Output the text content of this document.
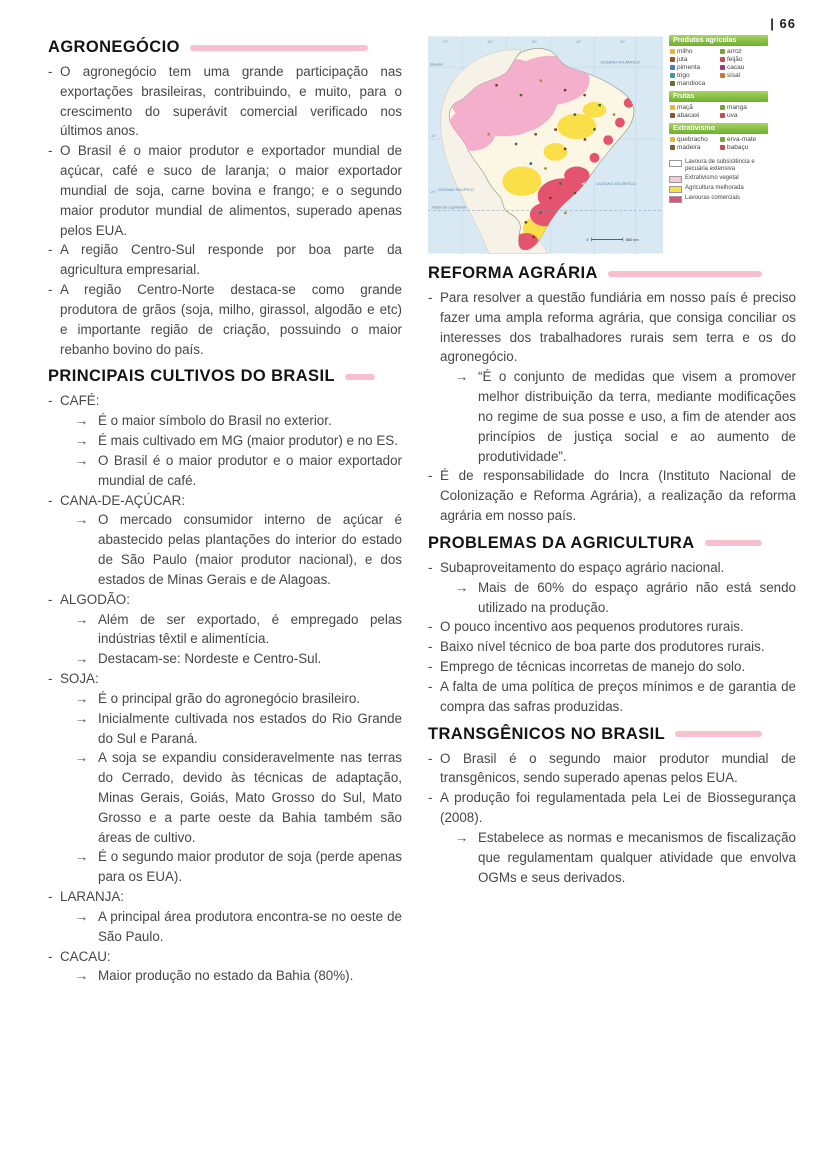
| 66
AGRONEGÓCIO
- O agronegócio tem uma grande participação nas exportações brasileiras, contribuindo, e muito, para o crescimento do superávit comercial verificado nos últimos anos.
- O Brasil é o maior produtor e exportador mundial de açúcar, café e suco de laranja; o maior exportador mundial de soja, carne bovina e frango; e o segundo maior produtor mundial de alimentos, superado apenas pelos EUA.
- A região Centro-Sul responde por boa parte da agricultura empresarial.
- A região Centro-Norte destaca-se como grande produtora de grãos (soja, milho, girassol, algodão e etc) e importante região de criação, possuindo o maior rebanho bovino do país.
PRINCIPAIS CULTIVOS DO BRASIL
- CAFÉ:
→ É o maior símbolo do Brasil no exterior.
→ É mais cultivado em MG (maior produtor) e no ES.
→ O Brasil é o maior produtor e o maior exportador mundial de café.
- CANA-DE-AÇÚCAR:
→ O mercado consumidor interno de açúcar é abastecido pelas plantações do interior do estado de São Paulo (maior produtor nacional), e dos estados de Minas Gerais e de Alagoas.
- ALGODÃO:
→ Além de ser exportado, é empregado pelas indústrias têxtil e alimentícia.
→ Destacam-se: Nordeste e Centro-Sul.
- SOJA:
→ É o principal grão do agronegócio brasileiro.
→ Inicialmente cultivada nos estados do Rio Grande do Sul e Paraná.
→ A soja se expandiu consideravelmente nas terras do Cerrado, devido às técnicas de adaptação, Minas Gerais, Goiás, Mato Grosso do Sul, Mato Grosso e a parte oeste da Bahia também são áreas de cultivo.
→ É o segundo maior produtor de soja (perde apenas para os EUA).
- LARANJA:
→ A principal área produtora encontra-se no oeste de São Paulo.
- CACAU:
→ Maior produção no estado da Bahia (80%).
-70°	-60°	-50°	-40°	-30°
-10°
-20°
Equador	OCEANO ATLÂNTICO
OCEANO ATLÂNTICO
OCEANO PACÍFICO
Trópico de Capricórnio
0	660 km
Produtos agrícolas
milho	arroz
juta	feijão
pimenta	cacau
trigo	sisal
mandioca
Frutas
maçã	manga
abacaxi	uva
Extrativismo
quebracho	erva-mate
madeira	babaçu
Lavoura de subsistência e pecuária extensiva
Extrativismo vegetal
Agricultura melhorada
Lavouras comerciais
REFORMA AGRÁRIA
- Para resolver a questão fundiária em nosso país é preciso fazer uma ampla reforma agrária, que consiga conciliar os interesses dos trabalhadores rurais sem terra e os do agronegócio.
→ “É o conjunto de medidas que visem a promover melhor distribuição da terra, mediante modificações no regime de sua posse e uso, a fim de atender aos princípios de justiça social e ao aumento de produtividade”.
- É de responsabilidade do Incra (Instituto Nacional de Colonização e Reforma Agrária), a realização da reforma agrária em nosso país.
PROBLEMAS DA AGRICULTURA
- Subaproveitamento do espaço agrário nacional.
→ Mais de 60% do espaço agrário não está sendo utilizado na produção.
- O pouco incentivo aos pequenos produtores rurais.
- Baixo nível técnico de boa parte dos produtores rurais.
- Emprego de técnicas incorretas de manejo do solo.
- A falta de uma política de preços mínimos e de garantia de compra das safras produzidas.
TRANSGÊNICOS NO BRASIL
- O Brasil é o segundo maior produtor mundial de transgênicos, sendo superado apenas pelos EUA.
- A produção foi regulamentada pela Lei de Biossegurança (2008).
→ Estabelece as normas e mecanismos de fiscalização que regulamentam qualquer atividade que envolva OGMs e seus derivados.
